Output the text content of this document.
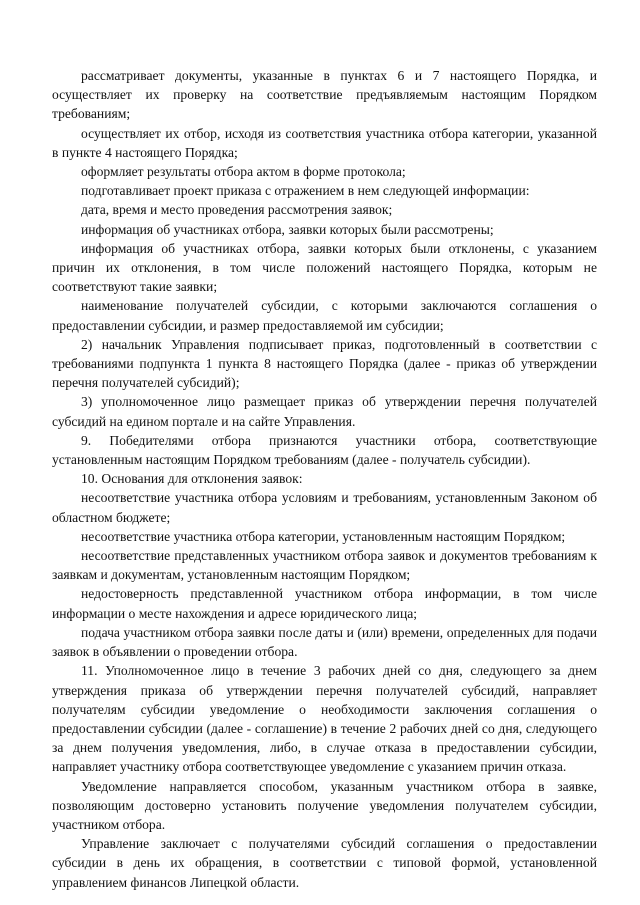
рассматривает документы, указанные в пунктах 6 и 7 настоящего Порядка, и осуществляет их проверку на соответствие предъявляемым настоящим Порядком требованиям;

осуществляет их отбор, исходя из соответствия участника отбора категории, указанной в пункте 4 настоящего Порядка;

оформляет результаты отбора актом в форме протокола;

подготавливает проект приказа с отражением в нем следующей информации:

дата, время и место проведения рассмотрения заявок;

информация об участниках отбора, заявки которых были рассмотрены;

информация об участниках отбора, заявки которых были отклонены, с указанием причин их отклонения, в том числе положений настоящего Порядка, которым не соответствуют такие заявки;

наименование получателей субсидии, с которыми заключаются соглашения о предоставлении субсидии, и размер предоставляемой им субсидии;

2) начальник Управления подписывает приказ, подготовленный в соответствии с требованиями подпункта 1 пункта 8 настоящего Порядка (далее - приказ об утверждении перечня получателей субсидий);

3) уполномоченное лицо размещает приказ об утверждении перечня получателей субсидий на едином портале и на сайте Управления.

9. Победителями отбора признаются участники отбора, соответствующие установленным настоящим Порядком требованиям (далее - получатель субсидии).

10. Основания для отклонения заявок:

несоответствие участника отбора условиям и требованиям, установленным Законом об областном бюджете;

несоответствие участника отбора категории, установленным настоящим Порядком;

несоответствие представленных участником отбора заявок и документов требованиям к заявкам и документам, установленным настоящим Порядком;

недостоверность представленной участником отбора информации, в том числе информации о месте нахождения и адресе юридического лица;

подача участником отбора заявки после даты и (или) времени, определенных для подачи заявок в объявлении о проведении отбора.

11. Уполномоченное лицо в течение 3 рабочих дней со дня, следующего за днем утверждения приказа об утверждении перечня получателей субсидий, направляет получателям субсидии уведомление о необходимости заключения соглашения о предоставлении субсидии (далее - соглашение) в течение 2 рабочих дней со дня, следующего за днем получения уведомления, либо, в случае отказа в предоставлении субсидии, направляет участнику отбора соответствующее уведомление с указанием причин отказа.

Уведомление направляется способом, указанным участником отбора в заявке, позволяющим достоверно установить получение уведомления получателем субсидии, участником отбора.

Управление заключает с получателями субсидий соглашения о предоставлении субсидии в день их обращения, в соответствии с типовой формой, установленной управлением финансов Липецкой области.
